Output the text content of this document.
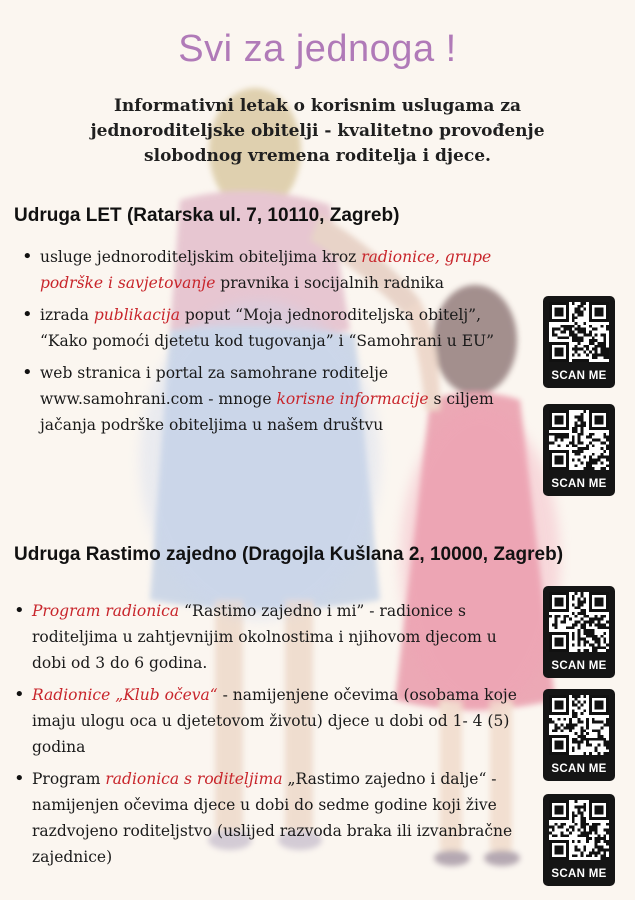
Svi za jednoga !
Informativni letak o korisnim uslugama za jednoroditeljske obitelji - kvalitetno provođenje slobodnog vremena roditelja i djece.
Udruga LET (Ratarska ul. 7, 10110, Zagreb)
• usluge jednoroditeljskim obiteljima kroz radionice, grupe podrške i savjetovanje pravnika i socijalnih radnika
• izrada publikacija poput “Moja jednoroditeljska obitelj”, “Kako pomoći djetetu kod tugovanja” i “Samohrani u EU”
• web stranica i portal za samohrane roditelje www.samohrani.com - mnoge korisne informacije s ciljem jačanja podrške obiteljima u našem društvu
Udruga Rastimo zajedno (Dragojla Kušlana 2, 10000, Zagreb)
• Program radionica “Rastimo zajedno i mi” - radionice s roditeljima u zahtjevnijim okolnostima i njihovom djecom u dobi od 3 do 6 godina.
• Radionice „Klub očeva“ - namijenjene očevima (osobama koje imaju ulogu oca u djetetovom životu) djece u dobi od 1- 4 (5) godina
• Program radionica s roditeljima „Rastimo zajedno i dalje“ - namijenjen očevima djece u dobi do sedme godine koji žive razdvojeno roditeljstvo (uslijed razvoda braka ili izvanbračne zajednice)
SCAN ME
SCAN ME
SCAN ME
SCAN ME
SCAN ME
